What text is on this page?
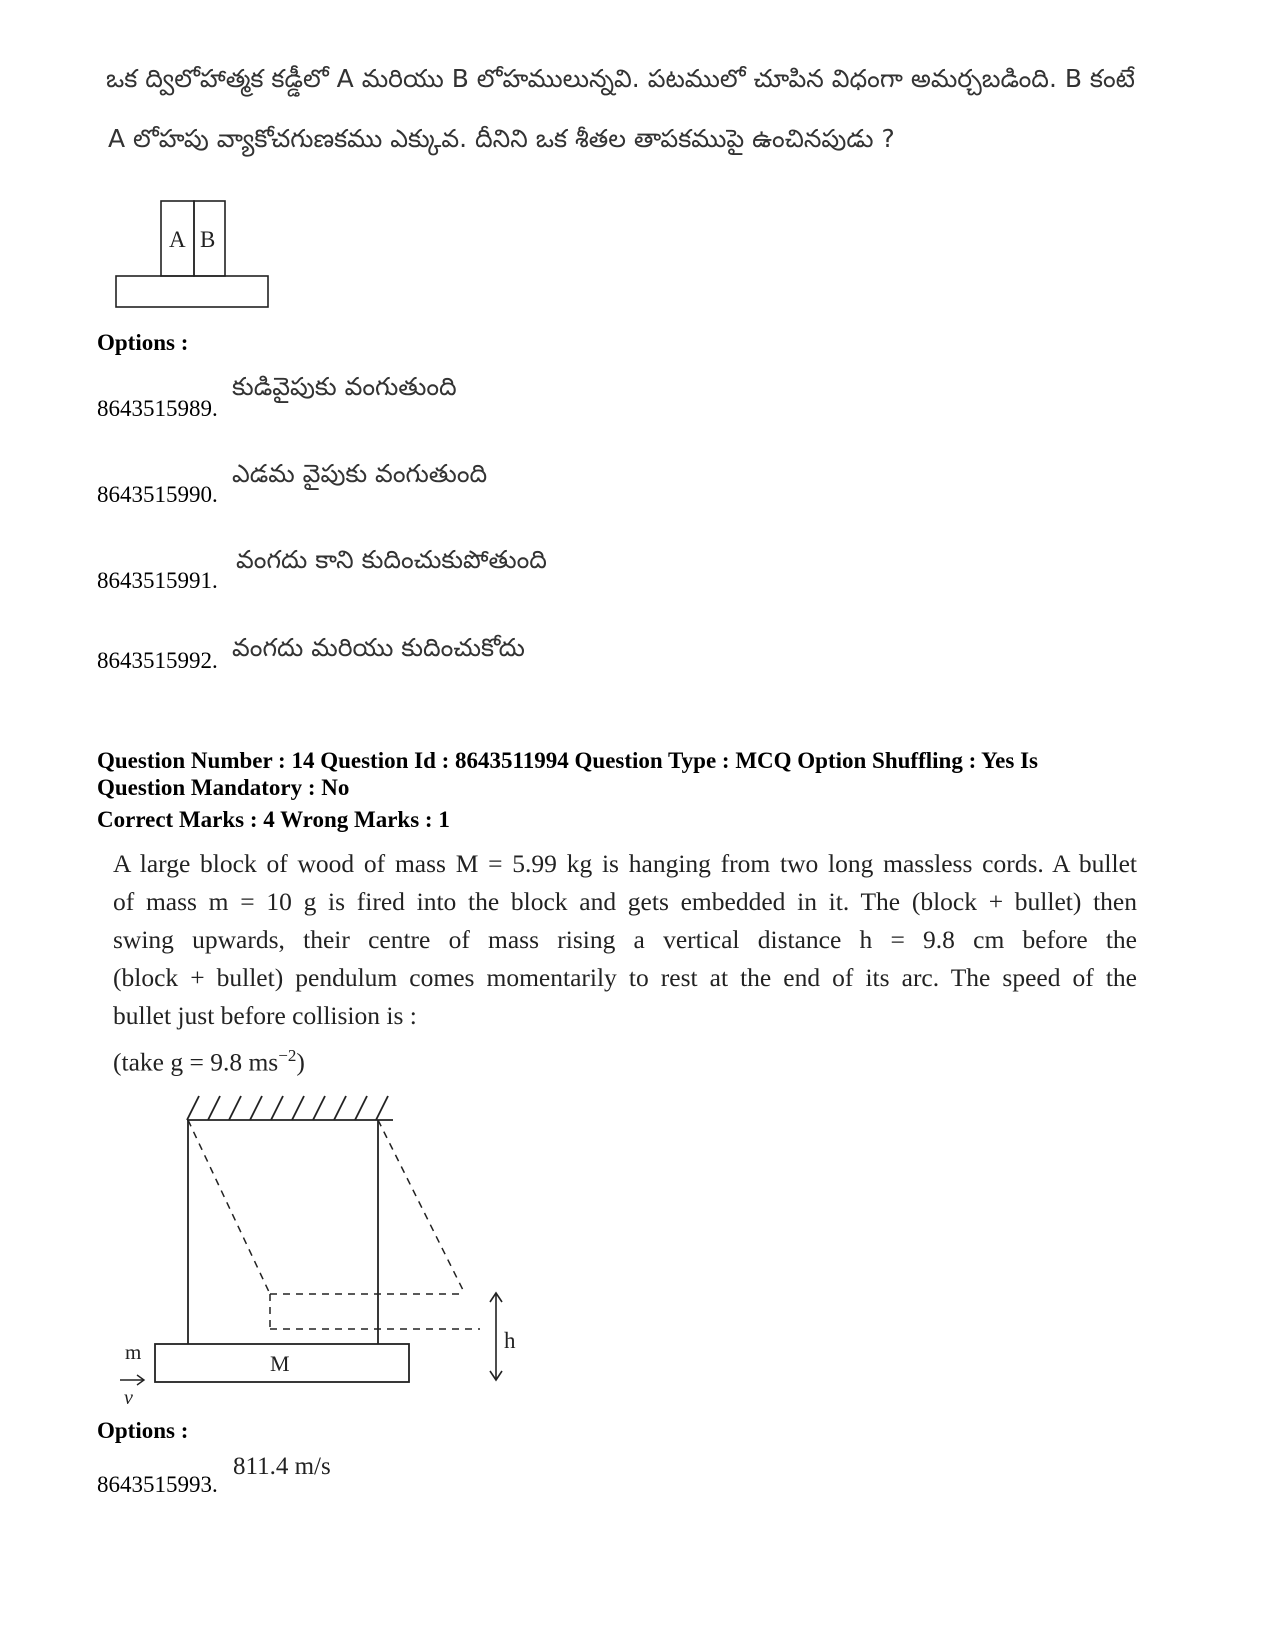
ఒక ద్విలోహాత్మక కడ్డీలో A మరియు B లోహములున్నవి. పటములో చూపిన విధంగా అమర్చబడింది. B కంటే
A లోహపు వ్యాకోచగుణకము ఎక్కువ. దీనిని ఒక శీతల తాపకముపై ఉంచినపుడు ?
A B
Options :
8643515989.
కుడివైపుకు వంగుతుంది
8643515990.
ఎడమ వైపుకు వంగుతుంది
8643515991.
వంగదు కాని కుదించుకుపోతుంది
8643515992. వంగదు మరియు కుదించుకోదు
Question Number : 14 Question Id : 8643511994 Question Type : MCQ Option Shuffling : Yes Is
Question Mandatory : No
Correct Marks : 4 Wrong Marks : 1
A large block of wood of mass M = 5.99 kg is hanging from two long massless cords. A bullet
of mass m = 10 g is fired into the block and gets embedded in it. The (block + bullet) then
swing upwards, their centre of mass rising a vertical distance h = 9.8 cm before the
(block + bullet) pendulum comes momentarily to rest at the end of its arc. The speed of the
bullet just before collision is :
(take g = 9.8 $ms^{-2}$)
h
M
m
v
Options :
8643515993.
811.4 m/s
